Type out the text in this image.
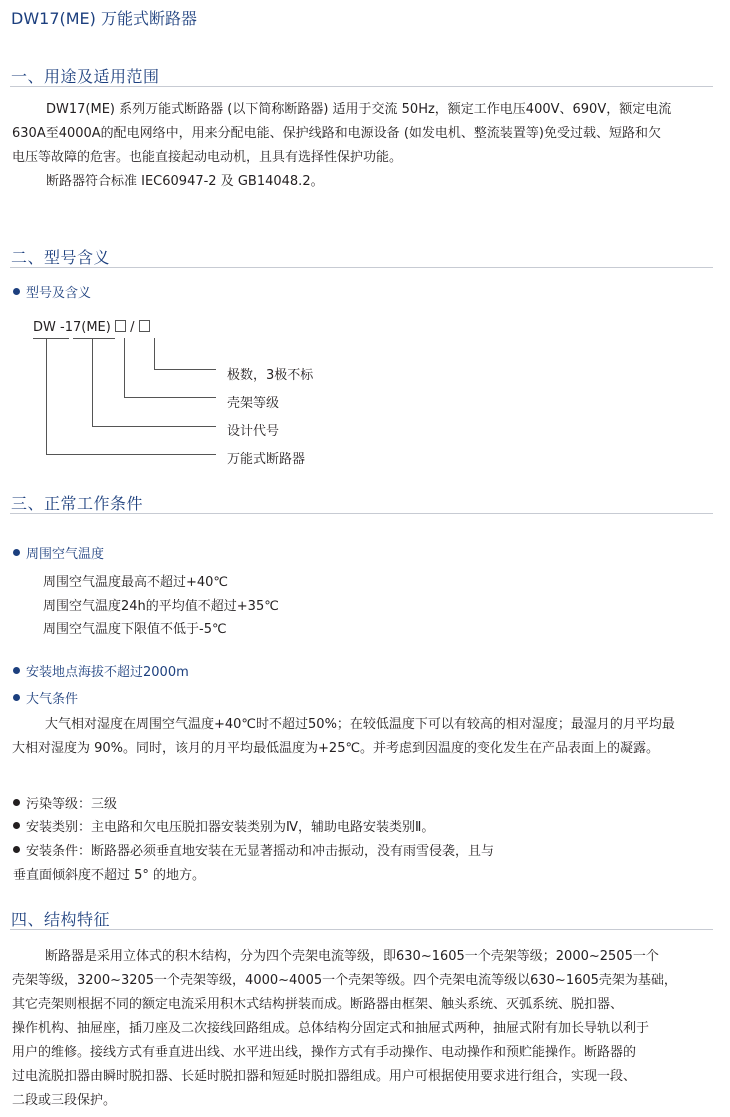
DW17(ME) 万能式断路器
一、用途及适用范围
DW17(ME) 系列万能式断路器 (以下简称断路器) 适用于交流 50Hz，额定工作电压400V、690V，额定电流
630A至4000A的配电网络中，用来分配电能、保护线路和电源设备 (如发电机、整流装置等)免受过载、短路和欠
电压等故障的危害。也能直接起动电动机，且具有选择性保护功能。
断路器符合标准 IEC60947-2 及 GB14048.2。
二、型号含义
型号及含义
DW -17(ME) /
极数，3极不标
壳架等级
设计代号
万能式断路器
三、正常工作条件
周围空气温度
周围空气温度最高不超过+40℃
周围空气温度24h的平均值不超过+35℃
周围空气温度下限值不低于-5℃
安装地点海拔不超过2000m
大气条件
大气相对湿度在周围空气温度+40℃时不超过50%；在较低温度下可以有较高的相对湿度；最湿月的月平均最
大相对湿度为 90%。同时，该月的月平均最低温度为+25℃。并考虑到因温度的变化发生在产品表面上的凝露。
污染等级：三级
安装类别：主电路和欠电压脱扣器安装类别为Ⅳ，辅助电路安装类别Ⅱ。
安装条件：断路器必须垂直地安装在无显著摇动和冲击振动，没有雨雪侵袭，且与
垂直面倾斜度不超过 5° 的地方。
四、结构特征
断路器是采用立体式的积木结构，分为四个壳架电流等级，即630~1605一个壳架等级；2000~2505一个
壳架等级，3200~3205一个壳架等级，4000~4005一个壳架等级。四个壳架电流等级以630~1605壳架为基础，
其它壳架则根据不同的额定电流采用积木式结构拼装而成。断路器由框架、触头系统、灭弧系统、脱扣器、
操作机构、抽屉座，插刀座及二次接线回路组成。总体结构分固定式和抽屉式两种，抽屉式附有加长导轨以利于
用户的维修。接线方式有垂直进出线、水平进出线，操作方式有手动操作、电动操作和预贮能操作。断路器的
过电流脱扣器由瞬时脱扣器、长延时脱扣器和短延时脱扣器组成。用户可根据使用要求进行组合，实现一段、
二段或三段保护。
